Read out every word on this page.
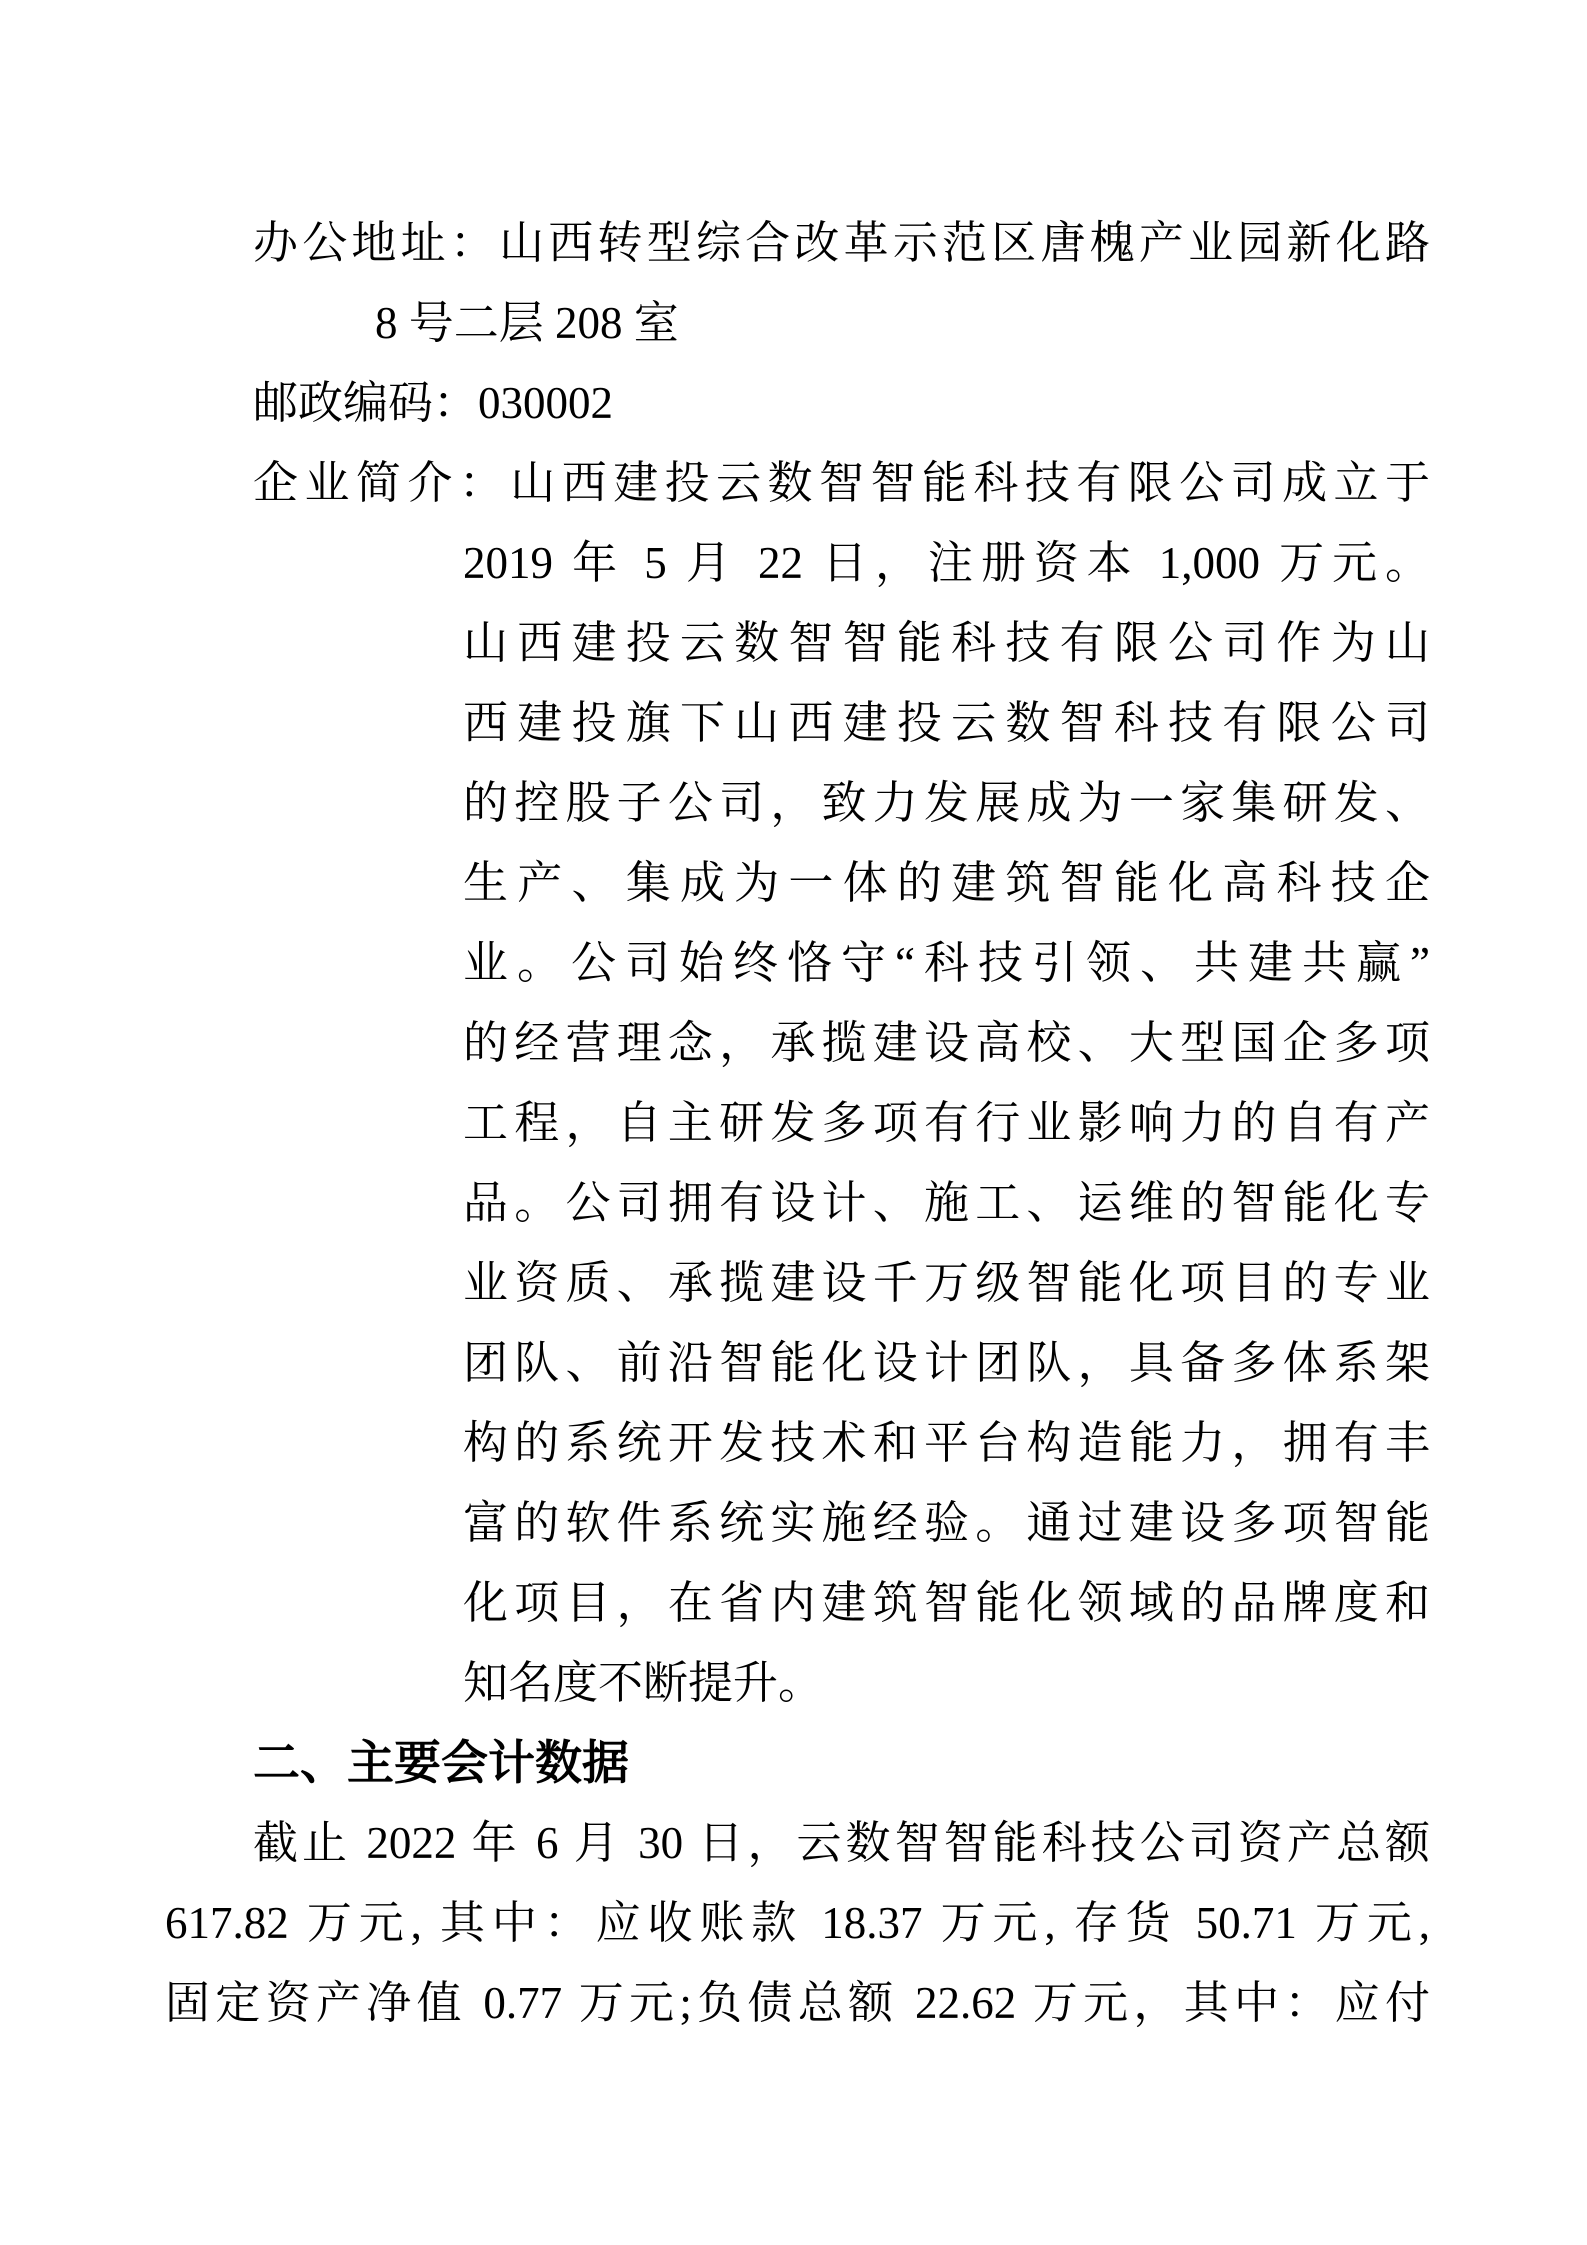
办公地址：山西转型综合改革示范区唐槐产业园新化路
8 号二层 208 室
邮政编码：030002
企业简介：山西建投云数智智能科技有限公司成立于
2019 年 5 月 22 日，注册资本 1,000 万元。
山西建投云数智智能科技有限公司作为山
西建投旗下山西建投云数智科技有限公司
的控股子公司，致力发展成为一家集研发、
生产、集成为一体的建筑智能化高科技企
业。公司始终恪守“科技引领、共建共赢”
的经营理念，承揽建设高校、大型国企多项
工程，自主研发多项有行业影响力的自有产
品。公司拥有设计、施工、运维的智能化专
业资质、承揽建设千万级智能化项目的专业
团队、前沿智能化设计团队，具备多体系架
构的系统开发技术和平台构造能力，拥有丰
富的软件系统实施经验。通过建设多项智能
化项目，在省内建筑智能化领域的品牌度和
知名度不断提升。
二、主要会计数据
截止 2022 年 6 月 30 日，云数智智能科技公司资产总额
617.82 万元, 其中：应收账款 18.37 万元, 存货 50.71 万元,
固定资产净值 0.77 万元;负债总额 22.62 万元，其中：应付
